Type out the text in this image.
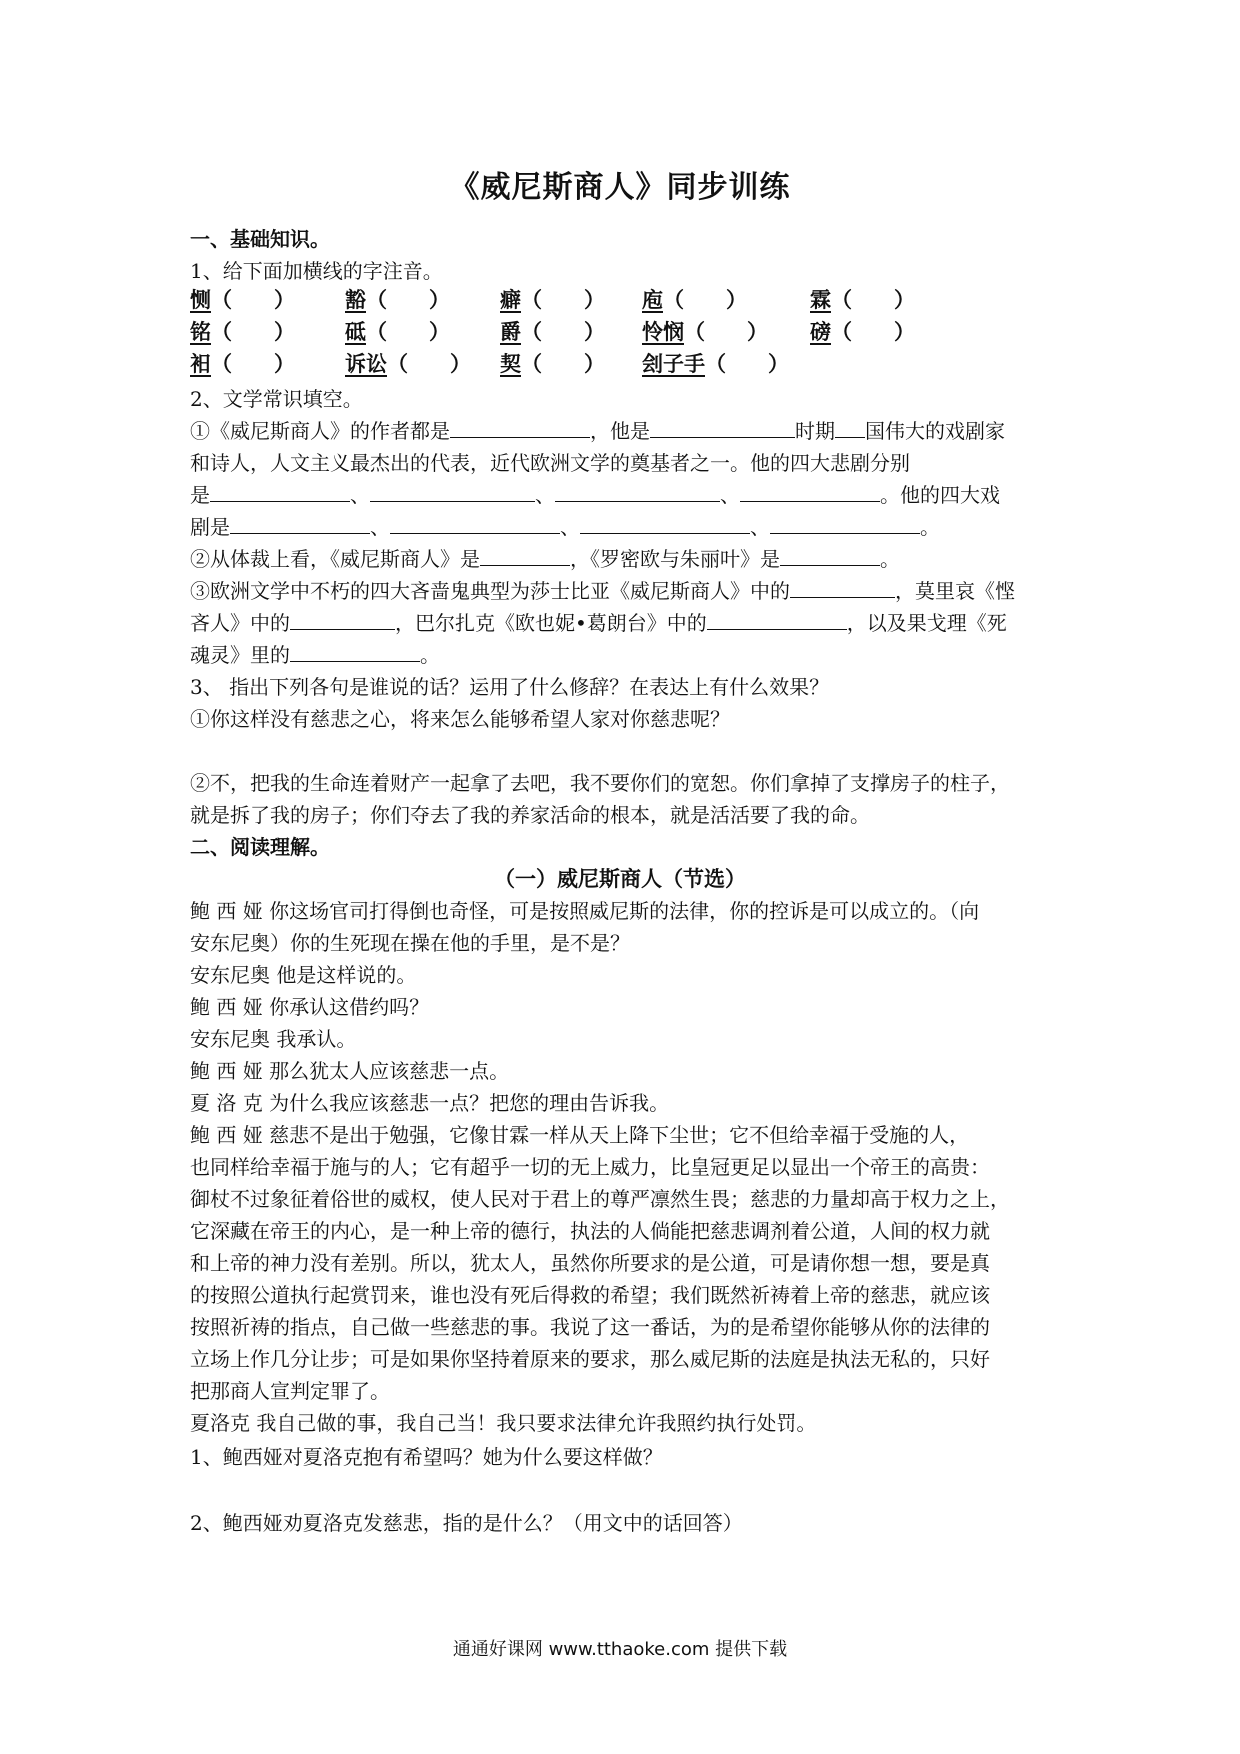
《威尼斯商人》同步训练
一、基础知识。
1、给下面加横线的字注音。
恻（　　） 豁（　　） 癖（　　） 庖（　　）	霖（　　）
铭（　　） 砥（　　） 爵（　　） 怜悯（　　） 磅（　　）
衵（　　） 诉讼（　　） 契（　　） 刽子手（　　）
2、文学常识填空。
①《威尼斯商人》的作者都是	，他是	时期 国伟大的戏剧家
和诗人，人文主义最杰出的代表，近代欧洲文学的奠基者之一。他的四大悲剧分别
是	、	、	、	。他的四大戏
剧是	、	、	、	。
②从体裁上看，《威尼斯商人》是	，《罗密欧与朱丽叶》是	。
③欧洲文学中不朽的四大吝啬鬼典型为莎士比亚《威尼斯商人》中的	，莫里哀《悭
吝人》中的	，巴尔扎克《欧也妮•葛朗台》中的	，以及果戈理《死
魂灵》里的	。
3、 指出下列各句是谁说的话？运用了什么修辞？在表达上有什么效果？
①你这样没有慈悲之心，将来怎么能够希望人家对你慈悲呢？
②不，把我的生命连着财产一起拿了去吧，我不要你们的宽恕。你们拿掉了支撑房子的柱子，
就是拆了我的房子；你们夺去了我的养家活命的根本，就是活活要了我的命。
二、阅读理解。
（一）威尼斯商人（节选）
鲍 西 娅 你这场官司打得倒也奇怪，可是按照威尼斯的法律，你的控诉是可以成立的。（向
安东尼奥）你的生死现在操在他的手里，是不是？
安东尼奥 他是这样说的。
鲍 西 娅 你承认这借约吗？
安东尼奥 我承认。
鲍 西 娅 那么犹太人应该慈悲一点。
夏 洛 克 为什么我应该慈悲一点？把您的理由告诉我。
鲍 西 娅 慈悲不是出于勉强，它像甘霖一样从天上降下尘世；它不但给幸福于受施的人，
也同样给幸福于施与的人；它有超乎一切的无上威力，比皇冠更足以显出一个帝王的高贵：
御杖不过象征着俗世的威权，使人民对于君上的尊严凛然生畏；慈悲的力量却高于权力之上，
它深藏在帝王的内心，是一种上帝的德行，执法的人倘能把慈悲调剂着公道，人间的权力就
和上帝的神力没有差别。所以，犹太人，虽然你所要求的是公道，可是请你想一想，要是真
的按照公道执行起赏罚来，谁也没有死后得救的希望；我们既然祈祷着上帝的慈悲，就应该
按照祈祷的指点，自己做一些慈悲的事。我说了这一番话，为的是希望你能够从你的法律的
立场上作几分让步；可是如果你坚持着原来的要求，那么威尼斯的法庭是执法无私的，只好
把那商人宣判定罪了。
夏洛克 我自己做的事，我自己当！我只要求法律允许我照约执行处罚。
1、鲍西娅对夏洛克抱有希望吗？她为什么要这样做？
2、鲍西娅劝夏洛克发慈悲，指的是什么？（用文中的话回答）
通通好课网 www.tthaoke.com 提供下载
